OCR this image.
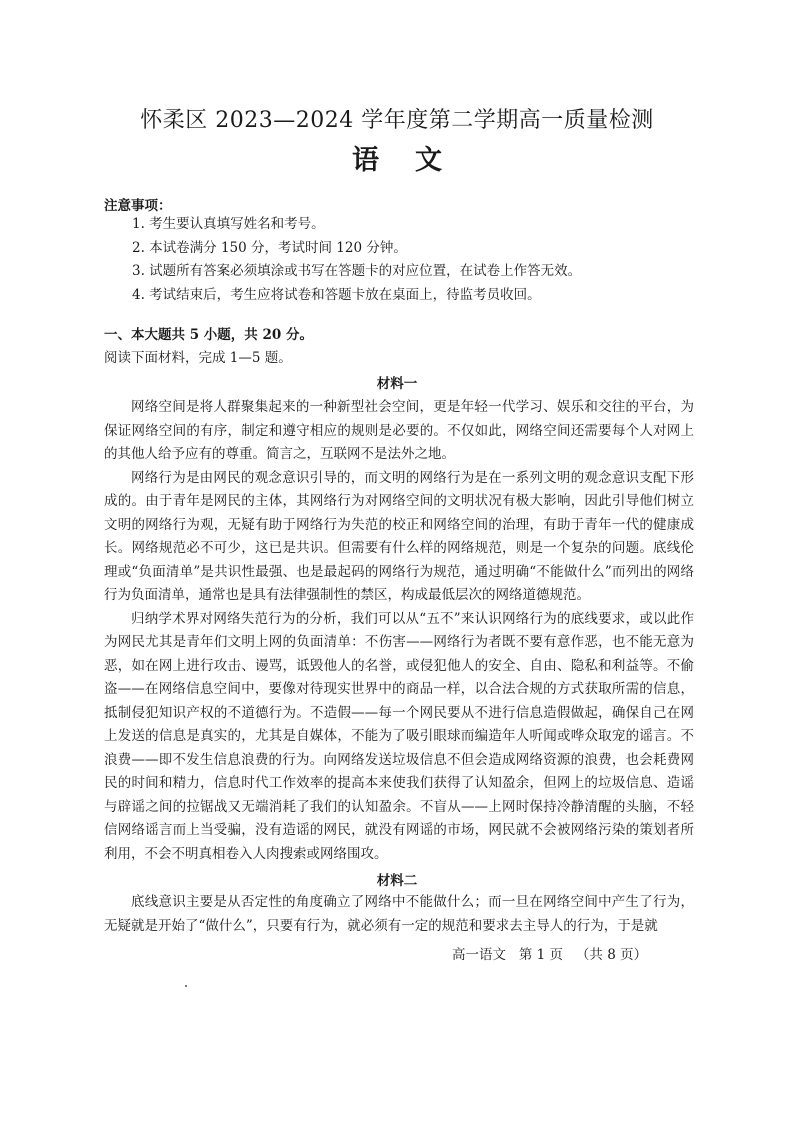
怀柔区 2023—2024 学年度第二学期高一质量检测
语文
注意事项：
1. 考生要认真填写姓名和考号。
2. 本试卷满分 150 分，考试时间 120 分钟。
3. 试题所有答案必须填涂或书写在答题卡的对应位置，在试卷上作答无效。
4. 考试结束后，考生应将试卷和答题卡放在桌面上，待监考员收回。
一、本大题共 5 小题，共 20 分。
阅读下面材料，完成 1—5 题。
材料一

网络空间是将人群聚集起来的一种新型社会空间，更是年轻一代学习、娱乐和交往的平台，为保证网络空间的有序，制定和遵守相应的规则是必要的。不仅如此，网络空间还需要每个人对网上的其他人给予应有的尊重。简言之，互联网不是法外之地。

网络行为是由网民的观念意识引导的，而文明的网络行为是在一系列文明的观念意识支配下形成的。由于青年是网民的主体，其网络行为对网络空间的文明状况有极大影响，因此引导他们树立文明的网络行为观，无疑有助于网络行为失范的校正和网络空间的治理，有助于青年一代的健康成长。网络规范必不可少，这已是共识。但需要有什么样的网络规范，则是一个复杂的问题。底线伦理或“负面清单”是共识性最强、也是最起码的网络行为规范，通过明确“不能做什么”而列出的网络行为负面清单，通常也是具有法律强制性的禁区，构成最低层次的网络道德规范。

归纳学术界对网络失范行为的分析，我们可以从“五不”来认识网络行为的底线要求，或以此作为网民尤其是青年们文明上网的负面清单：不伤害——网络行为者既不要有意作恶，也不能无意为恶，如在网上进行攻击、谩骂，诋毁他人的名誉，或侵犯他人的安全、自由、隐私和利益等。不偷盗——在网络信息空间中，要像对待现实世界中的商品一样，以合法合规的方式获取所需的信息，抵制侵犯知识产权的不道德行为。不造假——每一个网民要从不进行信息造假做起，确保自己在网上发送的信息是真实的，尤其是自媒体，不能为了吸引眼球而编造年人听闻或哗众取宠的谣言。不浪费——即不发生信息浪费的行为。向网络发送垃圾信息不但会造成网络资源的浪费，也会耗费网民的时间和精力，信息时代工作效率的提高本来使我们获得了认知盈余，但网上的垃圾信息、造谣与辟谣之间的拉锯战又无端消耗了我们的认知盈余。不盲从——上网时保持冷静清醒的头脑，不轻信网络谣言而上当受骗，没有造谣的网民，就没有网谣的市场，网民就不会被网络污染的策划者所利用，不会不明真相卷入人肉搜索或网络围攻。

材料二

底线意识主要是从否定性的角度确立了网络中不能做什么；而一旦在网络空间中产生了行为，无疑就是开始了“做什么”，只要有行为，就必须有一定的规范和要求去主导人的行为，于是就

高一语文   第 1 页   （共 8 页）
